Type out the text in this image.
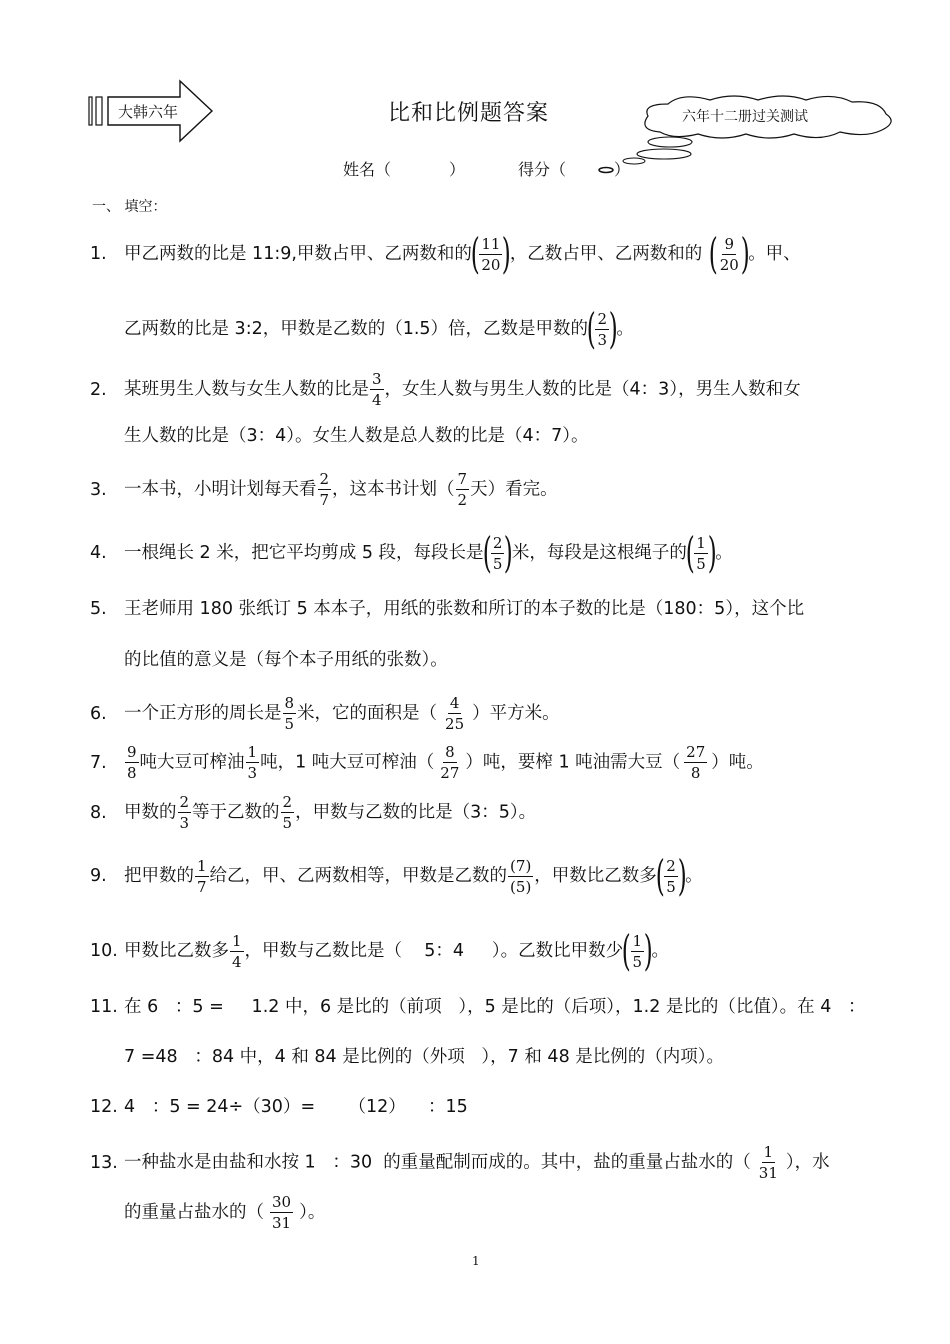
大韩六年	比和比例题答案	六年十二册过关测试
姓名（	）	得分（	）
一、 填空：
1. 甲乙两数的比是 11:9,甲数占甲、乙两数和的
( $\frac{11}{20}$ )
，乙数占甲、乙两数和的 ( $\frac{9}{20}$ )
。甲、
乙两数的比是 3:2，甲数是乙数的（1.5）倍，乙数是甲数的
( $\frac{2}{3}$ )
。
2. 某班男生人数与女生人数的比是 $\frac{3}{4}$ ，女生人数与男生人数的比是（4：3），男生人数和女
生人数的比是（3：4）。女生人数是总人数的比是（4：7）。
3. 一本书，小明计划每天看 $\frac{2}{7}$ ，这本书计划（ $\frac{7}{2}$ 天）看完。
4. 一根绳长 2 米，把它平均剪成 5 段，每段长是
( $\frac{2}{5}$ )
米，每段是这根绳子的
( $\frac{1}{5}$ )
。
5. 王老师用 180 张纸订 5 本本子，用纸的张数和所订的本子数的比是（180：5），这个比
的比值的意义是（每个本子用纸的张数）。
6. 一个正方形的周长是 $\frac{8}{5}$ 米，它的面积是（ $\frac{4}{25}$ ）平方米。
7. $\frac{9}{8}$ 吨大豆可榨油 $\frac{1}{3}$ 吨，1 吨大豆可榨油（ $\frac{8}{27}$ ）吨，要榨 1 吨油需大豆（ $\frac{27}{8}$ ）吨。
8. 甲数的 $\frac{2}{3}$ 等于乙数的 $\frac{2}{5}$ ，甲数与乙数的比是（3：5）。
9. 把甲数的 $\frac{1}{7}$ 给乙，甲、乙两数相等，甲数是乙数的 $\frac{(7)}{(5)}$ ，甲数比乙数多
( $\frac{2}{5}$ )
。
10. 甲数比乙数多 $\frac{1}{4}$ ，甲数与乙数比是（    5：4     ）。乙数比甲数少
( $\frac{1}{5}$ )
。
11. 在 6   ：5 =     1.2 中，6 是比的（前项   ），5 是比的（后项），1.2 是比的（比值）。在 4   ：
7 =48   ：84 中，4 和 84 是比例的（外项   ），7 和 48 是比例的（内项）。
12. 4   ：5 = 24÷（30）=      （12）    ：15
13. 一种盐水是由盐和水按 1   ：30  的重量配制而成的。其中，盐的重量占盐水的（ $\frac{1}{31}$ ），水
的重量占盐水的（ $\frac{30}{31}$ ）。
1
